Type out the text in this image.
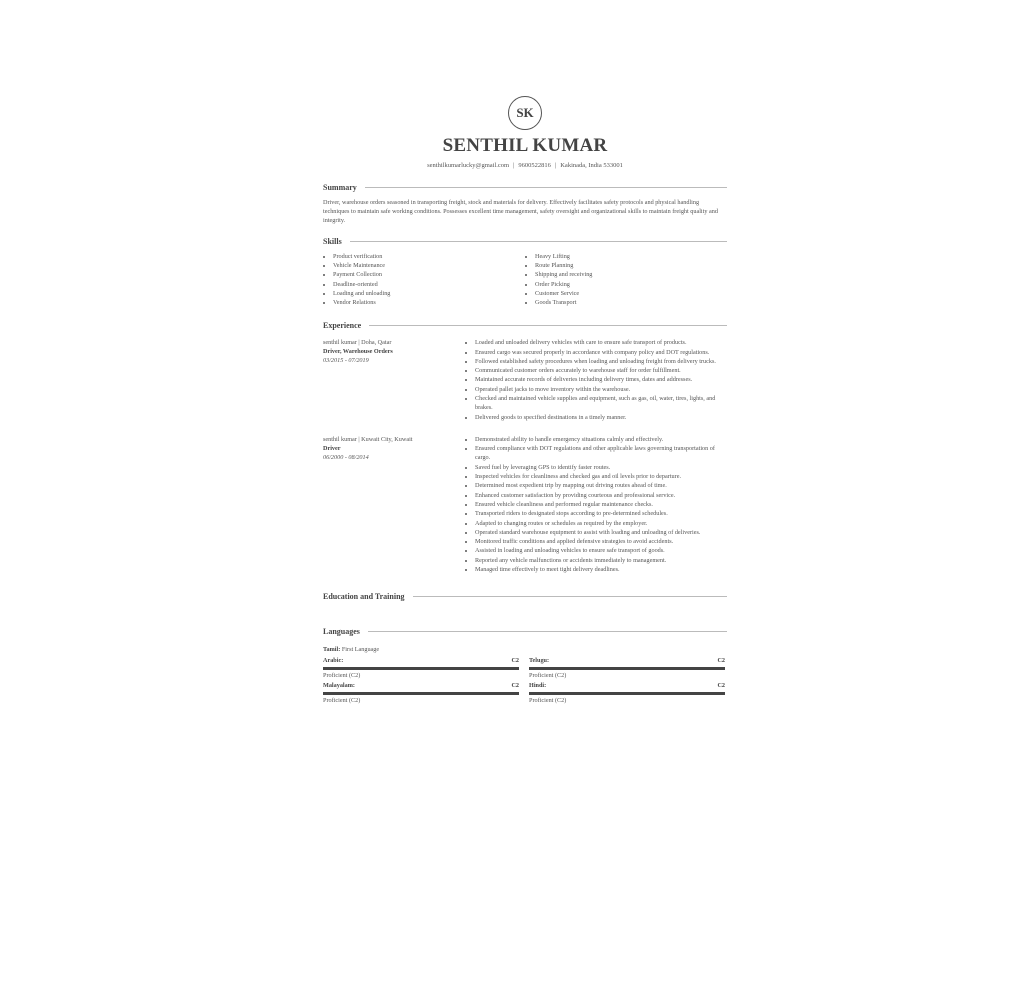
SK
SENTHIL KUMAR
senthilkumarlucky@gmail.com | 9600522816 | Kakinada, India 533001
Summary
Driver, warehouse orders seasoned in transporting freight, stock and materials for delivery. Effectively facilitates safety protocols and physical handling techniques to maintain safe working conditions. Possesses excellent time management, safety oversight and organizational skills to maintain freight quality and integrity.
Skills
• Product verification
• Vehicle Maintenance
• Payment Collection
• Deadline-oriented
• Loading and unloading
• Vendor Relations
• Heavy Lifting
• Route Planning
• Shipping and receiving
• Order Picking
• Customer Service
• Goods Transport
Experience
senthil kumar | Doha, Qatar
Driver, Warehouse Orders
03/2015 - 07/2019
• Loaded and unloaded delivery vehicles with care to ensure safe transport of products.
• Ensured cargo was secured properly in accordance with company policy and DOT regulations.
• Followed established safety procedures when loading and unloading freight from delivery trucks.
• Communicated customer orders accurately to warehouse staff for order fulfillment.
• Maintained accurate records of deliveries including delivery times, dates and addresses.
• Operated pallet jacks to move inventory within the warehouse.
• Checked and maintained vehicle supplies and equipment, such as gas, oil, water, tires, lights, and brakes.
• Delivered goods to specified destinations in a timely manner.
senthil kumar | Kuwait City, Kuwait
Driver
06/2000 - 08/2014
• Demonstrated ability to handle emergency situations calmly and effectively.
• Ensured compliance with DOT regulations and other applicable laws governing transportation of cargo.
• Saved fuel by leveraging GPS to identify faster routes.
• Inspected vehicles for cleanliness and checked gas and oil levels prior to departure.
• Determined most expedient trip by mapping out driving routes ahead of time.
• Enhanced customer satisfaction by providing courteous and professional service.
• Ensured vehicle cleanliness and performed regular maintenance checks.
• Transported riders to designated stops according to pre-determined schedules.
• Adapted to changing routes or schedules as required by the employer.
• Operated standard warehouse equipment to assist with loading and unloading of deliveries.
• Monitored traffic conditions and applied defensive strategies to avoid accidents.
• Assisted in loading and unloading vehicles to ensure safe transport of goods.
• Reported any vehicle malfunctions or accidents immediately to management.
• Managed time effectively to meet tight delivery deadlines.
Education and Training
Languages
Tamil: First Language
Arabic:	C2
Proficient (C2)
Telugu:	C2
Proficient (C2)
Malayalam:	C2
Proficient (C2)
Hindi:	C2
Proficient (C2)
